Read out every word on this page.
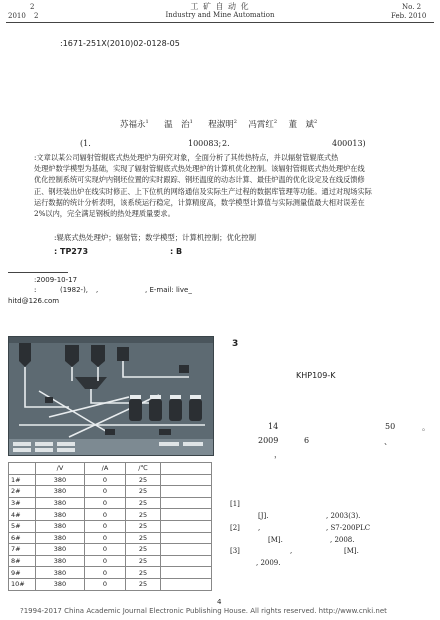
2
2010 2
工 矿 自 动 化
Industry and Mine Automation
No. 2
Feb. 2010
:1671-251X(2010)02-0128-05
苏福永$^1$ 温　治$^1$ 程淑明$^2$ 冯霄红$^2$ 董　斌$^2$
(1.	100083; 2.	400013)
:文章以某公司辐射管辊底式热处理炉为研究对象，全面分析了其传热特点，并以辐射管辊底式热
处理炉数学模型为基础，实现了辐射管辊底式热处理炉的计算机优化控制。该辐射管辊底式热处理炉在线
优化控制系统可实现炉内钢坯位置的实时跟踪、钢坯温度的动态计算、最佳炉温的优化设定及在线反馈修
正、钢坯装出炉在线实时修正、上下位机的网络通信及实际生产过程的数据库管理等功能。通过对现场实际
运行数据的统计分析表明，该系统运行稳定，计算精度高，数学模型计算值与实际测量值最大相对误差在
2%以内，完全满足钢板的热处理质量要求。
:辊底式热处理炉；辐射管；数学模型；计算机控制；优化控制
: TP273	: B
:2009-10-17
:	(1982-), ,	, E-mail: live_
hitd@126.com
	/V	/A	/℃	
1#	380	0	25	
2#	380	0	25	
3#	380	0	25	
4#	380	0	25	
5#	380	0	25	
6#	380	0	25	
7#	380	0	25	
8#	380	0	25	
9#	380	0	25	
10#	380	0	25	
3
KHP109-K
14	50	。
2009	6	、
，
[1]
[J].	, 2003(3).
[2]	,	, S7-200PLC
[M].	, 2008.
[3]	,	[M].
, 2009.
4
?1994-2017 China Academic Journal Electronic Publishing House. All rights reserved. http://www.cnki.net
